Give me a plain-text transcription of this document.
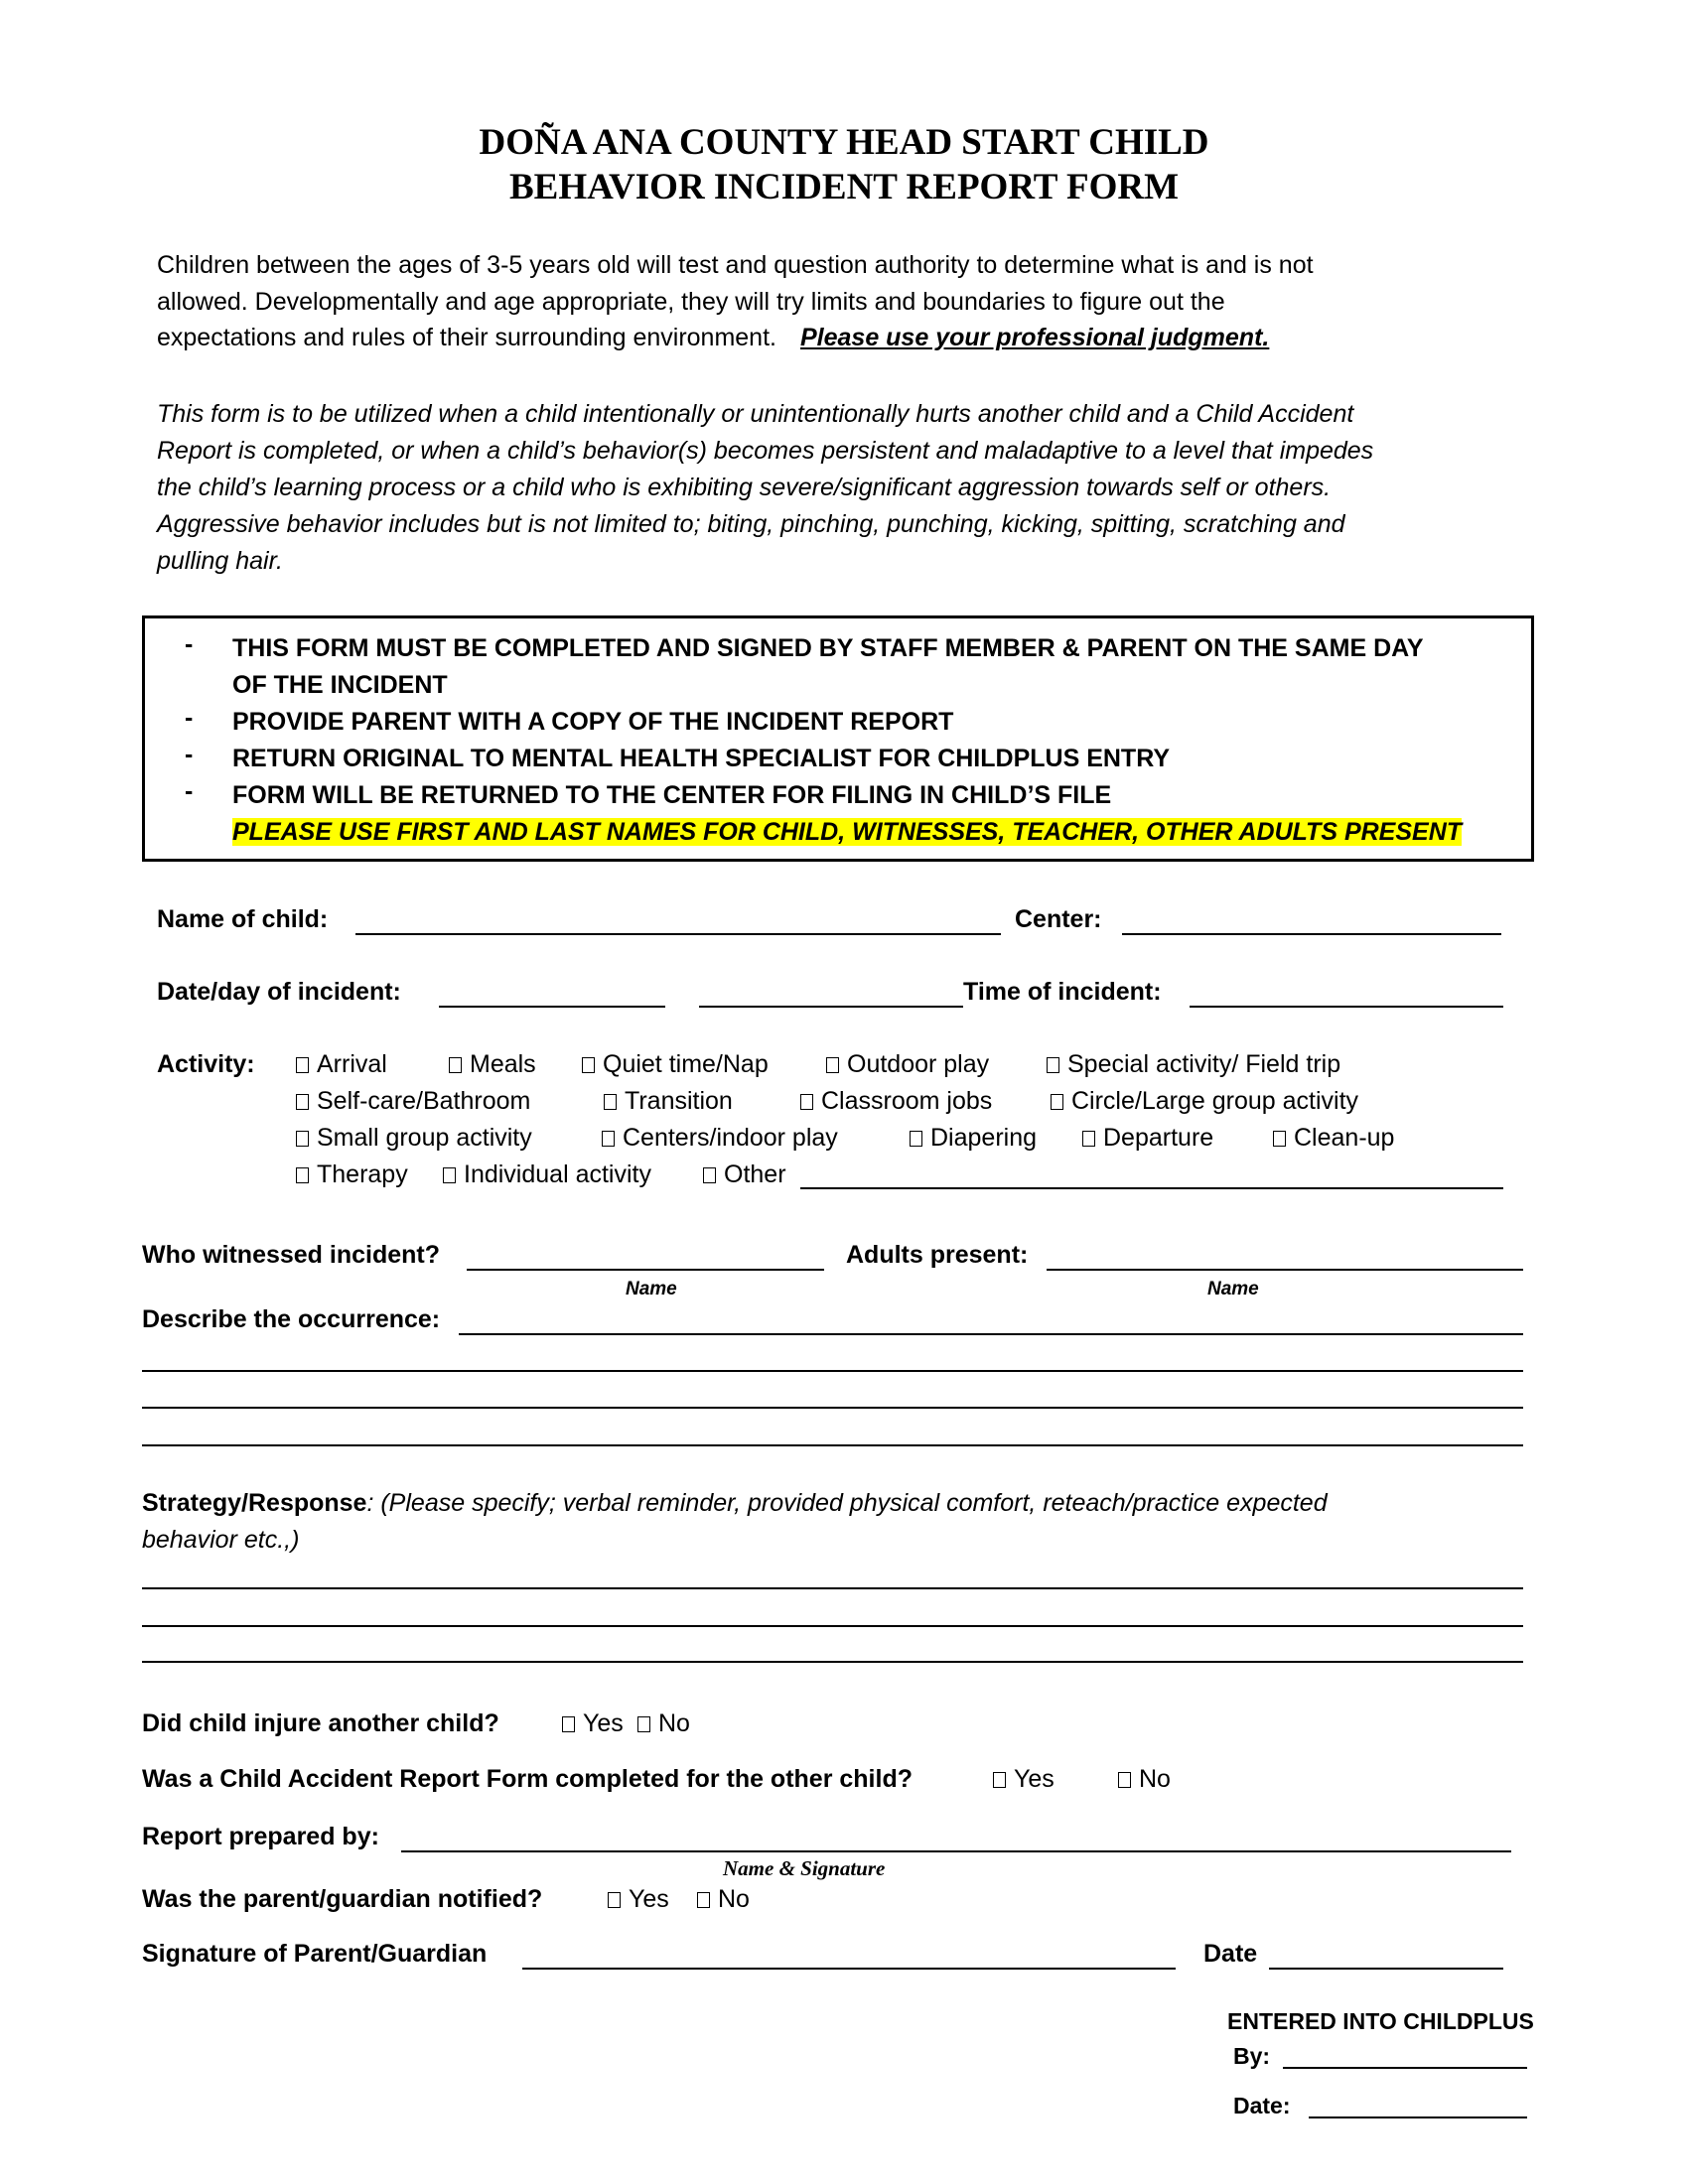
DOÑA ANA COUNTY HEAD START CHILD
BEHAVIOR INCIDENT REPORT FORM
Children between the ages of 3-5 years old will test and question authority to determine what is and is not
allowed. Developmentally and age appropriate, they will try limits and boundaries to figure out the
expectations and rules of their surrounding environment. Please use your professional judgment.
This form is to be utilized when a child intentionally or unintentionally hurts another child and a Child Accident
Report is completed, or when a child’s behavior(s) becomes persistent and maladaptive to a level that impedes
the child’s learning process or a child who is exhibiting severe/significant aggression towards self or others.
Aggressive behavior includes but is not limited to; biting, pinching, punching, kicking, spitting, scratching and
pulling hair.
- THIS FORM MUST BE COMPLETED AND SIGNED BY STAFF MEMBER & PARENT ON THE SAME DAY
OF THE INCIDENT
- PROVIDE PARENT WITH A COPY OF THE INCIDENT REPORT
- RETURN ORIGINAL TO MENTAL HEALTH SPECIALIST FOR CHILDPLUS ENTRY
- FORM WILL BE RETURNED TO THE CENTER FOR FILING IN CHILD’S FILE
PLEASE USE FIRST AND LAST NAMES FOR CHILD, WITNESSES, TEACHER, OTHER ADULTS PRESENT
Name of child:	Center:
Date/day of incident:	Time of incident:
Activity:	Arrival	Meals	Quiet time/Nap	Outdoor play	Special activity/ Field trip
Self-care/Bathroom	Transition	Classroom jobs	Circle/Large group activity
Small group activity	Centers/indoor play	Diapering	Departure	Clean-up
Therapy	Individual activity	Other
Who witnessed incident?	Adults present:
Name	Name
Describe the occurrence:
Strategy/Response: (Please specify; verbal reminder, provided physical comfort, reteach/practice expected
behavior etc.,)
Did child injure another child?	Yes	No
Was a Child Accident Report Form completed for the other child?	Yes	No
Report prepared by:
Name & Signature
Was the parent/guardian notified?	Yes	No
Signature of Parent/Guardian	Date
ENTERED INTO CHILDPLUS
By:
Date:
